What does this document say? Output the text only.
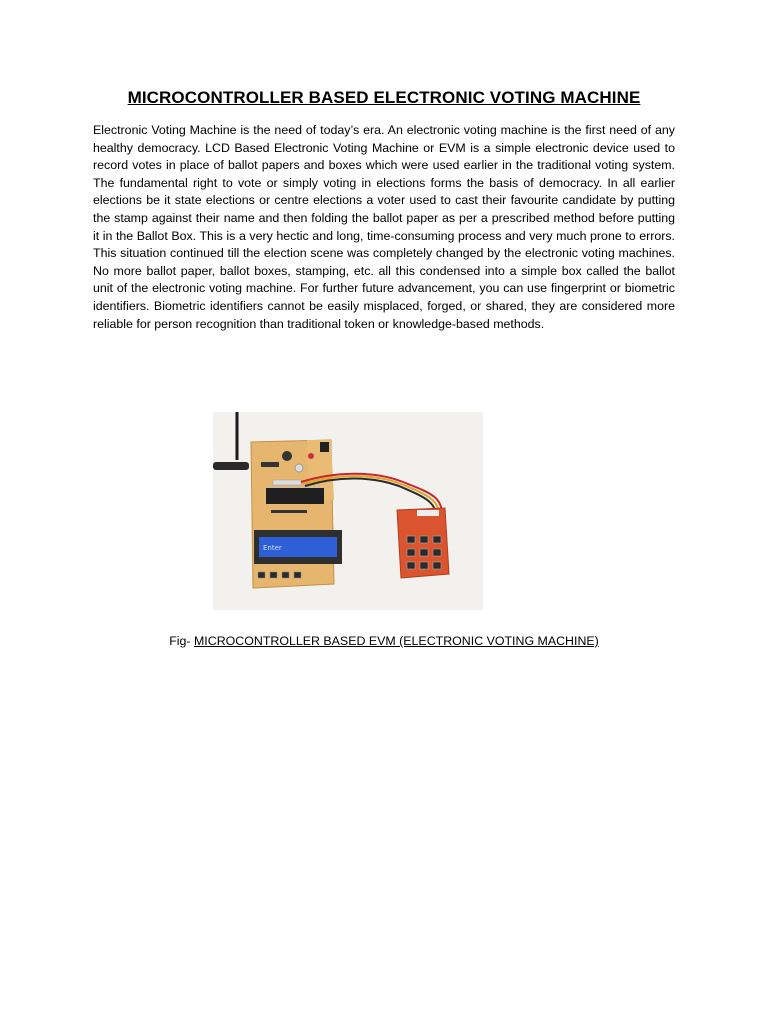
MICROCONTROLLER BASED ELECTRONIC VOTING MACHINE
Electronic Voting Machine is the need of today’s era. An electronic voting machine is the first need of any healthy democracy. LCD Based Electronic Voting Machine or EVM is a simple electronic device used to record votes in place of ballot papers and boxes which were used earlier in the traditional voting system. The fundamental right to vote or simply voting in elections forms the basis of democracy. In all earlier elections be it state elections or centre elections a voter used to cast their favourite candidate by putting the stamp against their name and then folding the ballot paper as per a prescribed method before putting it in the Ballot Box. This is a very hectic and long, time-consuming process and very much prone to errors. This situation continued till the election scene was completely changed by the electronic voting machines. No more ballot paper, ballot boxes, stamping, etc. all this condensed into a simple box called the ballot unit of the electronic voting machine. For further future advancement, you can use fingerprint or biometric identifiers. Biometric identifiers cannot be easily misplaced, forged, or shared, they are considered more reliable for person recognition than traditional token or knowledge-based methods.
Enter
Fig- MICROCONTROLLER BASED EVM (ELECTRONIC VOTING MACHINE)
